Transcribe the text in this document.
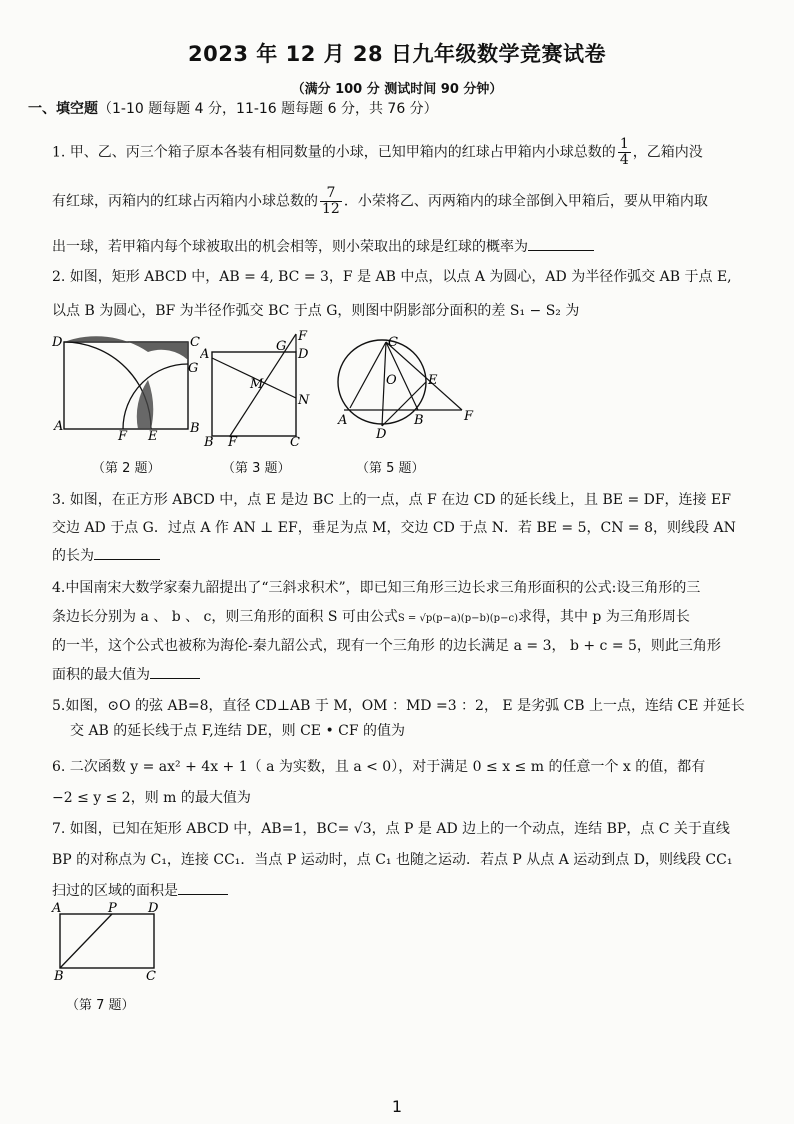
2023 年 12 月 28 日九年级数学竞赛试卷
（满分 100 分 测试时间 90 分钟）
一、填空题（1-10 题每题 4 分，11-16 题每题 6 分，共 76 分）
1. 甲、乙、丙三个箱子原本各装有相同数量的小球，已知甲箱内的红球占甲箱内小球总数的 $\frac{1}{4}$ ，乙箱内没
有红球，丙箱内的红球占丙箱内小球总数的 $\frac{7}{12}$ ．小荣将乙、丙两箱内的球全部倒入甲箱后，要从甲箱内取
出一球，若甲箱内每个球被取出的机会相等，则小荣取出的球是红球的概率为
2. 如图，矩形 ABCD 中，AB = 4, BC = 3，F 是 AB 中点，以点 A 为圆心，AD 为半径作弧交 AB 于点 E,
以点 B 为圆心，BF 为半径作弧交 BC 于点 G，则图中阴影部分面积的差 S₁ − S₂ 为
D	C
G
A
F E
B
（第 2 题）
A
G
F
D
M
N
B F	C
（第 3 题）
C
O E
A
D
B	F
（第 5 题）
3. 如图，在正方形 ABCD 中，点 E 是边 BC 上的一点，点 F 在边 CD 的延长线上，且 BE = DF，连接 EF
交边 AD 于点 G．过点 A 作 AN ⊥ EF，垂足为点 M，交边 CD 于点 N．若 BE = 5，CN = 8，则线段 AN
的长为
4.中国南宋大数学家秦九韶提出了“三斜求积术”，即已知三角形三边长求三角形面积的公式:设三角形的三
条边长分别为 a 、 b 、 c，则三角形的面积 S 可由公式S = √p(p−a)(p−b)(p−c)求得，其中 p 为三角形周长
的一半，这个公式也被称为海伦-秦九韶公式，现有一个三角形 的边长满足 a = 3， b + c = 5，则此三角形
面积的最大值为
5.如图，⊙O 的弦 AB=8，直径 CD⊥AB 于 M，OM ：MD =3 ：2， E 是劣弧 CB 上一点，连结 CE 并延长
交 AB 的延长线于点 F,连结 DE，则 CE • CF 的值为
6. 二次函数 y = ax² + 4x + 1（ a 为实数，且 a < 0），对于满足 0 ≤ x ≤ m 的任意一个 x 的值，都有
−2 ≤ y ≤ 2，则 m 的最大值为
7. 如图，已知在矩形 ABCD 中，AB=1，BC= √3，点 P 是 AD 边上的一个动点，连结 BP，点 C 关于直线
BP 的对称点为 C₁，连接 CC₁．当点 P 运动时，点 C₁ 也随之运动．若点 P 从点 A 运动到点 D，则线段 CC₁
扫过的区域的面积是
A	P D
B	C
（第 7 题）
1
